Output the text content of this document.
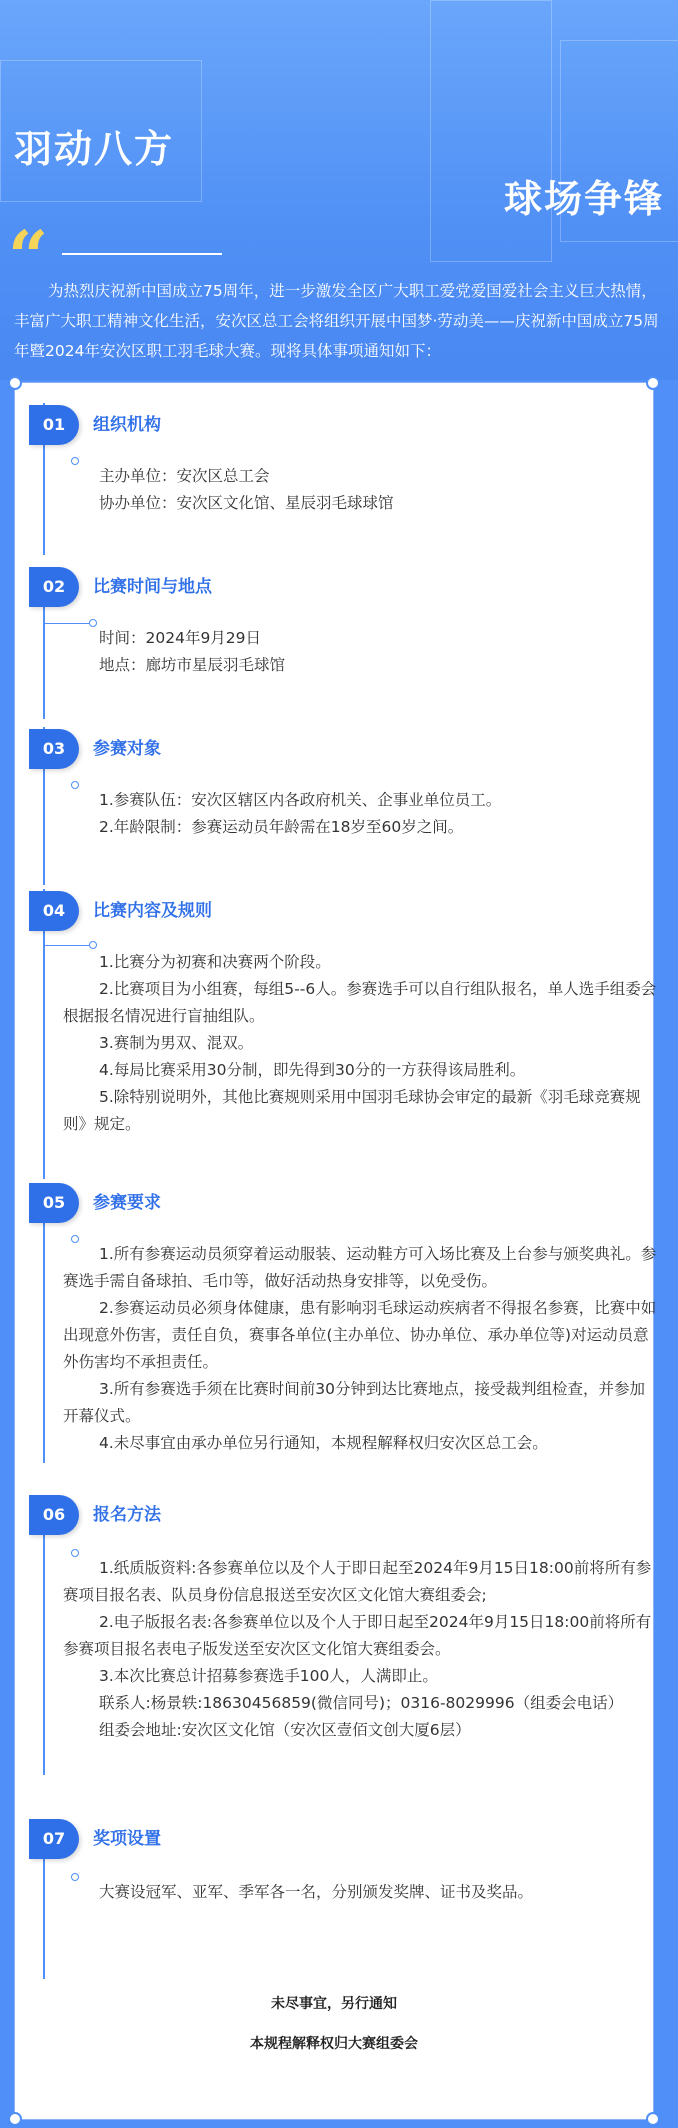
羽动八方
球场争锋
“ 为热烈庆祝新中国成立75周年，进一步激发全区广大职工爱党爱国爱社会主义巨大热情，丰富广大职工精神文化生活，安次区总工会将组织开展中国梦·劳动美——庆祝新中国成立75周年暨2024年安次区职工羽毛球大赛。现将具体事项通知如下：
01	组织机构

主办单位：安次区总工会

协办单位：安次区文化馆、星辰羽毛球球馆

02	比赛时间与地点

时间：2024年9月29日

地点：廊坊市星辰羽毛球馆

03	参赛对象

1.参赛队伍：安次区辖区内各政府机关、企事业单位员工。

2.年龄限制：参赛运动员年龄需在18岁至60岁之间。

04	比赛内容及规则

1.比赛分为初赛和决赛两个阶段。

2.比赛项目为小组赛，每组5--6人。参赛选手可以自行组队报名，单人选手组委会根据报名情况进行盲抽组队。

3.赛制为男双、混双。

4.每局比赛采用30分制，即先得到30分的一方获得该局胜利。

5.除特别说明外，其他比赛规则采用中国羽毛球协会审定的最新《羽毛球竞赛规则》规定。

05	参赛要求

1.所有参赛运动员须穿着运动服装、运动鞋方可入场比赛及上台参与颁奖典礼。参赛选手需自备球拍、毛巾等，做好活动热身安排等，以免受伤。

2.参赛运动员必须身体健康，患有影响羽毛球运动疾病者不得报名参赛，比赛中如出现意外伤害，责任自负，赛事各单位(主办单位、协办单位、承办单位等)对运动员意外伤害均不承担责任。

3.所有参赛选手须在比赛时间前30分钟到达比赛地点，接受裁判组检查，并参加开幕仪式。

4.未尽事宜由承办单位另行通知，本规程解释权归安次区总工会。

06	报名方法

1.纸质版资料:各参赛单位以及个人于即日起至2024年9月15日18:00前将所有参赛项目报名表、队员身份信息报送至安次区文化馆大赛组委会;

2.电子版报名表:各参赛单位以及个人于即日起至2024年9月15日18:00前将所有参赛项目报名表电子版发送至安次区文化馆大赛组委会。

3.本次比赛总计招募参赛选手100人，人满即止。

联系人:杨景轶:18630456859(微信同号)；0316-8029996（组委会电话）

组委会地址:安次区文化馆（安次区壹佰文创大厦6层）

07	奖项设置

大赛设冠军、亚军、季军各一名，分别颁发奖牌、证书及奖品。

未尽事宜，另行通知
本规程解释权归大赛组委会
